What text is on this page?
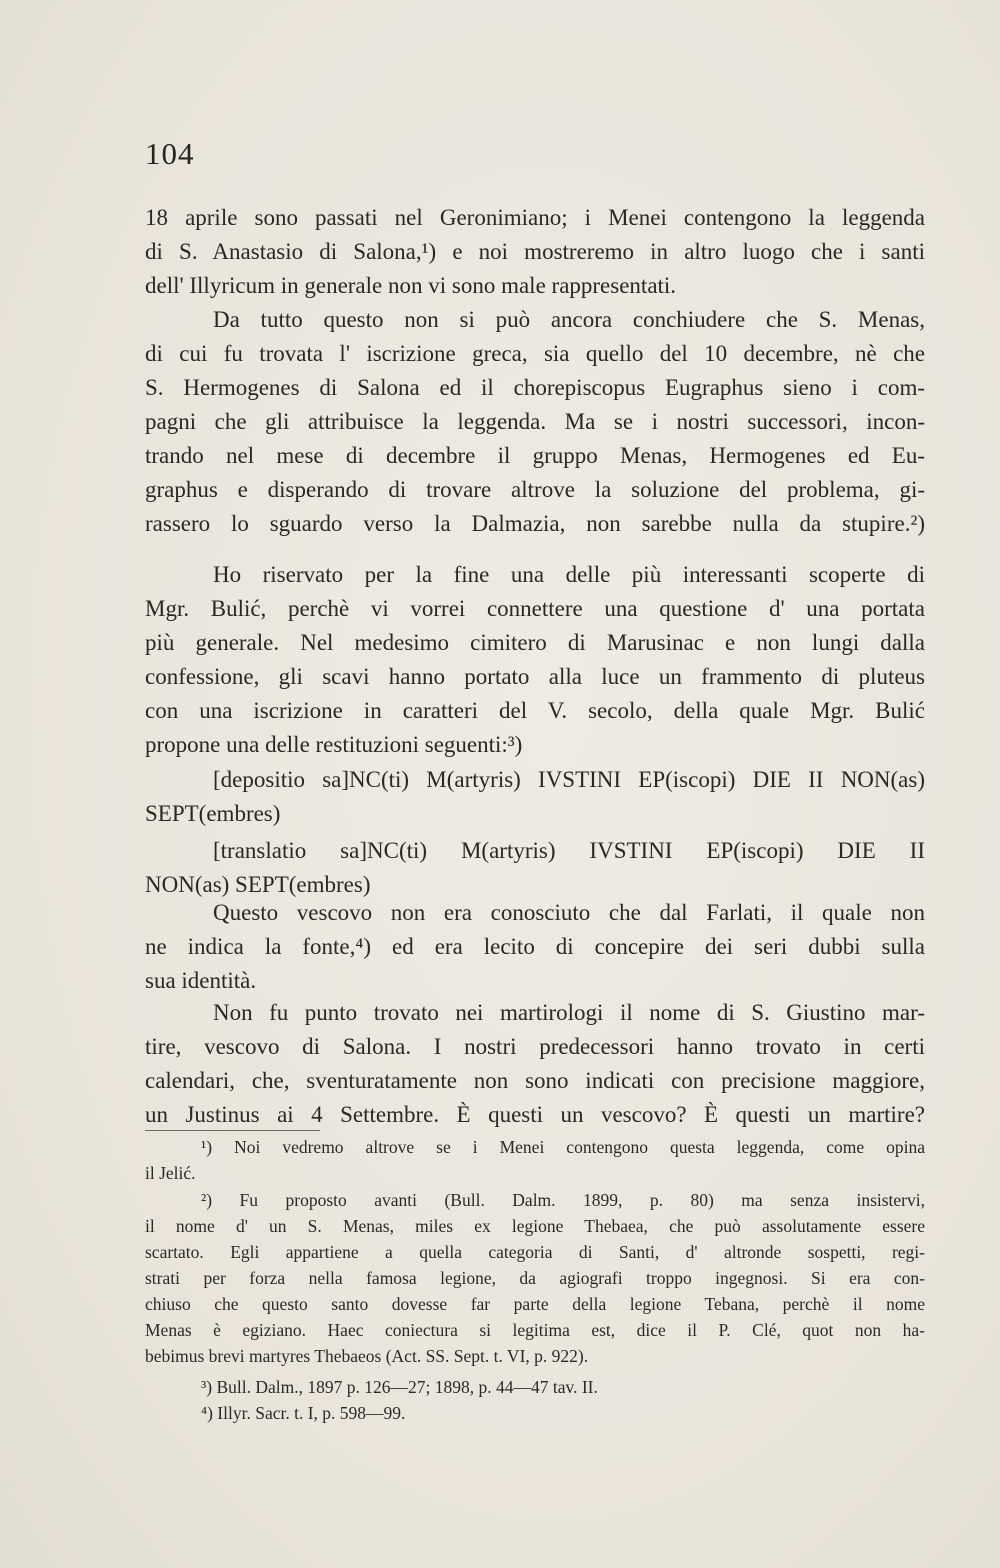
104
18 aprile sono passati nel Geronimiano; i Menei contengono la leggenda
di S. Anastasio di Salona,¹) e noi mostreremo in altro luogo che i santi
dell' Illyricum in generale non vi sono male rappresentati.
Da tutto questo non si può ancora conchiudere che S. Menas,
di cui fu trovata l' iscrizione greca, sia quello del 10 decembre, nè che
S. Hermogenes di Salona ed il chorepiscopus Eugraphus sieno i com-
pagni che gli attribuisce la leggenda. Ma se i nostri successori, incon-
trando nel mese di decembre il gruppo Menas, Hermogenes ed Eu-
graphus e disperando di trovare altrove la soluzione del problema, gi-
rassero lo sguardo verso la Dalmazia, non sarebbe nulla da stupire.²)
Ho riservato per la fine una delle più interessanti scoperte di
Mgr. Bulić, perchè vi vorrei connettere una questione d' una portata
più generale. Nel medesimo cimitero di Marusinac e non lungi dalla
confessione, gli scavi hanno portato alla luce un frammento di pluteus
con una iscrizione in caratteri del V. secolo, della quale Mgr. Bulić
propone una delle restituzioni seguenti:³)
[depositio sa]NC(ti) M(artyris) IVSTINI EP(iscopi) DIE II NON(as)
SEPT(embres)
[translatio sa]NC(ti) M(artyris) IVSTINI EP(iscopi) DIE II
NON(as) SEPT(embres)
Questo vescovo non era conosciuto che dal Farlati, il quale non
ne indica la fonte,⁴) ed era lecito di concepire dei seri dubbi sulla
sua identità.
Non fu punto trovato nei martirologi il nome di S. Giustino mar-
tire, vescovo di Salona. I nostri predecessori hanno trovato in certi
calendari, che, sventuratamente non sono indicati con precisione maggiore,
un Justinus ai 4 Settembre. È questi un vescovo? È questi un martire?
¹) Noi vedremo altrove se i Menei contengono questa leggenda, come opina
il Jelić.
²) Fu proposto avanti (Bull. Dalm. 1899, p. 80) ma senza insistervi,
il nome d' un S. Menas, miles ex legione Thebaea, che può assolutamente essere
scartato. Egli appartiene a quella categoria di Santi, d' altronde sospetti, regi-
strati per forza nella famosa legione, da agiografi troppo ingegnosi. Si era con-
chiuso che questo santo dovesse far parte della legione Tebana, perchè il nome
Menas è egiziano. Haec coniectura si legitima est, dice il P. Clé, quot non ha-
bebimus brevi martyres Thebaeos (Act. SS. Sept. t. VI, p. 922).
³) Bull. Dalm., 1897 p. 126—27; 1898, p. 44—47 tav. II.
⁴) Illyr. Sacr. t. I, p. 598—99.
